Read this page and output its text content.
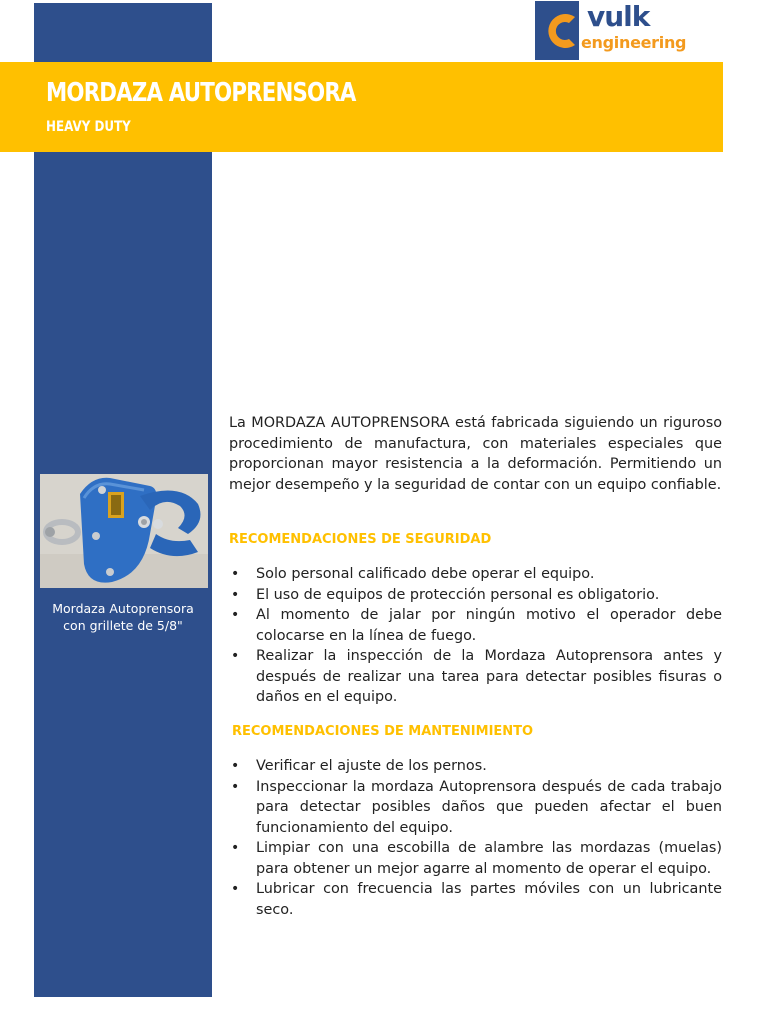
vulk
engineering
MORDAZA AUTOPRENSORA
HEAVY DUTY
Mordaza Autoprensora
con grillete de 5/8"

La MORDAZA AUTOPRENSORA está fabricada siguiendo un riguroso procedimiento de manufactura, con materiales especiales que proporcionan mayor resistencia a la deformación. Permitiendo un mejor desempeño y la seguridad de contar con un equipo confiable.

RECOMENDACIONES DE SEGURIDAD
• Solo personal calificado debe operar el equipo.
• El uso de equipos de protección personal es obligatorio.
• Al momento de jalar por ningún motivo el operador debe colocarse en la línea de fuego.
• Realizar la inspección de la Mordaza Autoprensora antes y después de realizar una tarea para detectar posibles fisuras o daños en el equipo.
RECOMENDACIONES DE MANTENIMIENTO
• Verificar el ajuste de los pernos.
• Inspeccionar la mordaza Autoprensora después de cada trabajo para detectar posibles daños que pueden afectar el buen funcionamiento del equipo.
• Limpiar con una escobilla de alambre las mordazas (muelas) para obtener un mejor agarre al momento de operar el equipo.
• Lubricar con frecuencia las partes móviles con un lubricante seco.
